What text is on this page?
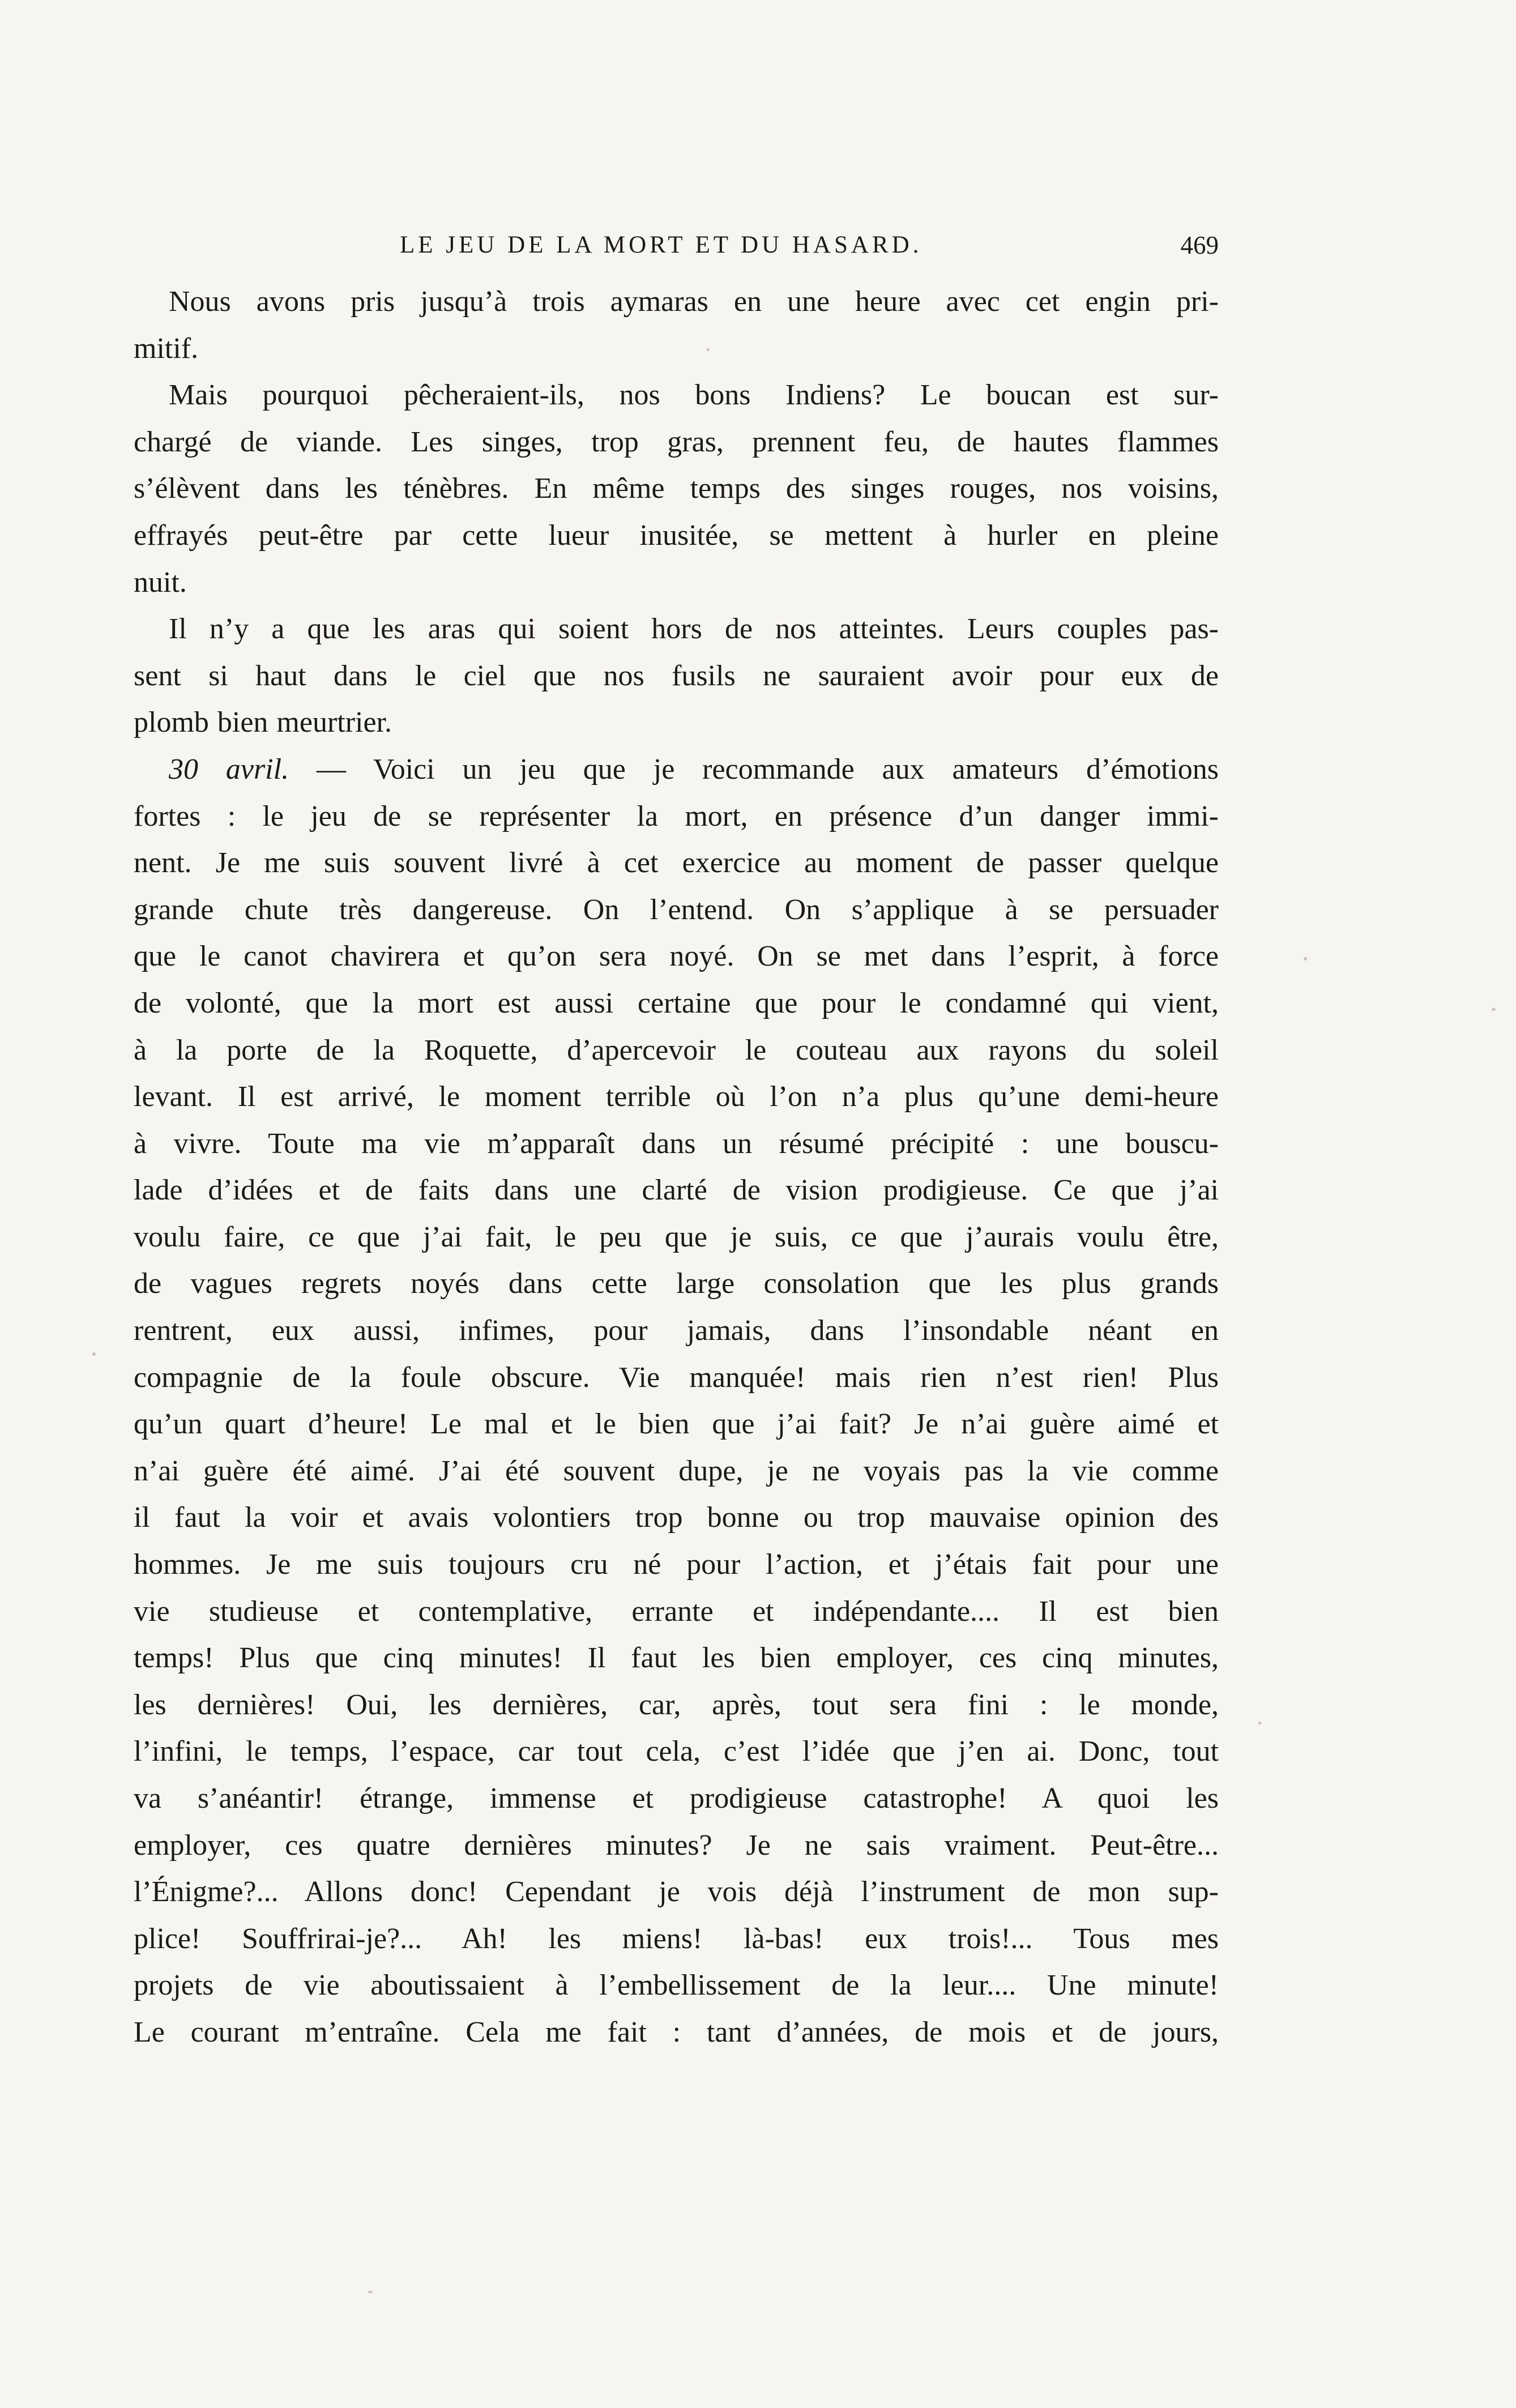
LE JEU DE LA MORT ET DU HASARD.	469
Nous avons pris jusqu’à trois aymaras en une heure avec cet engin pri-
mitif.
Mais pourquoi pêcheraient-ils, nos bons Indiens? Le boucan est sur-
chargé de viande. Les singes, trop gras, prennent feu, de hautes flammes
s’élèvent dans les ténèbres. En même temps des singes rouges, nos voisins,
effrayés peut-être par cette lueur inusitée, se mettent à hurler en pleine
nuit.
Il n’y a que les aras qui soient hors de nos atteintes. Leurs couples pas-
sent si haut dans le ciel que nos fusils ne sauraient avoir pour eux de
plomb bien meurtrier.
30 avril. — Voici un jeu que je recommande aux amateurs d’émotions
fortes : le jeu de se représenter la mort, en présence d’un danger immi-
nent. Je me suis souvent livré à cet exercice au moment de passer quelque
grande chute très dangereuse. On l’entend. On s’applique à se persuader
que le canot chavirera et qu’on sera noyé. On se met dans l’esprit, à force
de volonté, que la mort est aussi certaine que pour le condamné qui vient,
à la porte de la Roquette, d’apercevoir le couteau aux rayons du soleil
levant. Il est arrivé, le moment terrible où l’on n’a plus qu’une demi-heure
à vivre. Toute ma vie m’apparaît dans un résumé précipité : une bouscu-
lade d’idées et de faits dans une clarté de vision prodigieuse. Ce que j’ai
voulu faire, ce que j’ai fait, le peu que je suis, ce que j’aurais voulu être,
de vagues regrets noyés dans cette large consolation que les plus grands
rentrent, eux aussi, infimes, pour jamais, dans l’insondable néant en
compagnie de la foule obscure. Vie manquée! mais rien n’est rien! Plus
qu’un quart d’heure! Le mal et le bien que j’ai fait? Je n’ai guère aimé et
n’ai guère été aimé. J’ai été souvent dupe, je ne voyais pas la vie comme
il faut la voir et avais volontiers trop bonne ou trop mauvaise opinion des
hommes. Je me suis toujours cru né pour l’action, et j’étais fait pour une
vie studieuse et contemplative, errante et indépendante.... Il est bien
temps! Plus que cinq minutes! Il faut les bien employer, ces cinq minutes,
les dernières! Oui, les dernières, car, après, tout sera fini : le monde,
l’infini, le temps, l’espace, car tout cela, c’est l’idée que j’en ai. Donc, tout
va s’anéantir! étrange, immense et prodigieuse catastrophe! A quoi les
employer, ces quatre dernières minutes? Je ne sais vraiment. Peut-être...
l’Énigme?... Allons donc! Cependant je vois déjà l’instrument de mon sup-
plice! Souffrirai-je?... Ah! les miens! là-bas! eux trois!... Tous mes
projets de vie aboutissaient à l’embellissement de la leur.... Une minute!
Le courant m’entraîne. Cela me fait : tant d’années, de mois et de jours,
